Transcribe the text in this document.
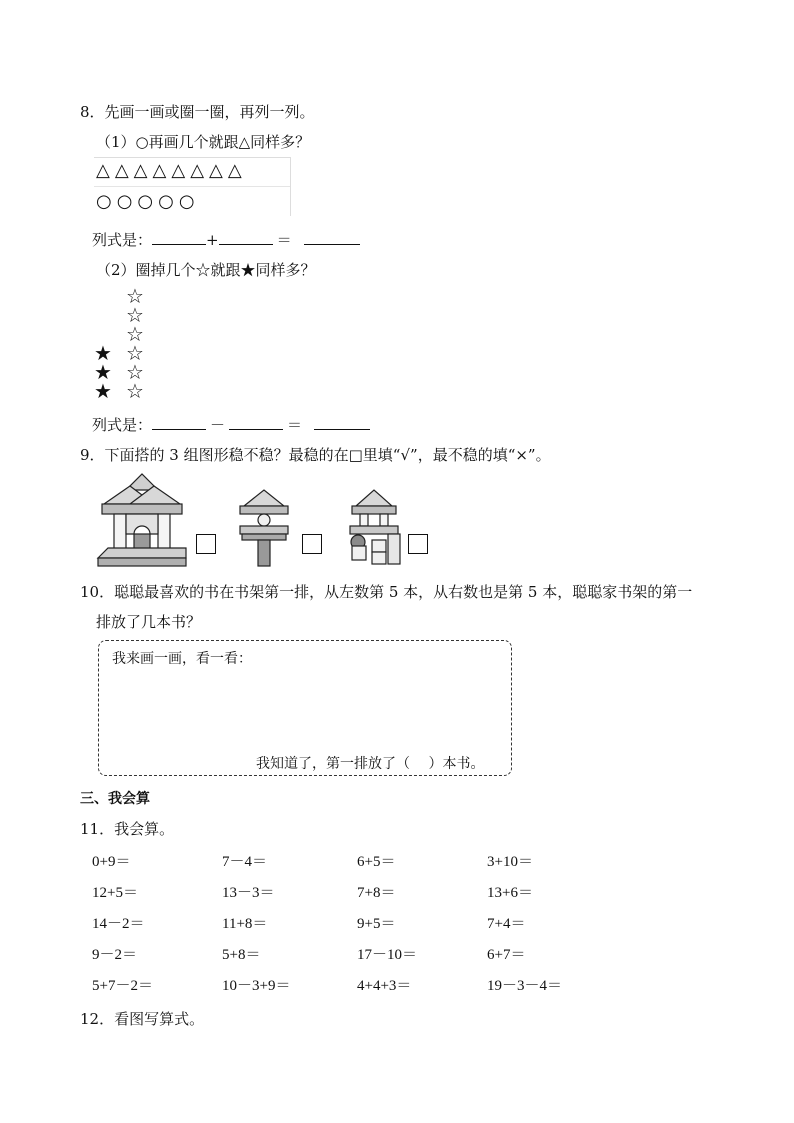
8．先画一画或圈一圈，再列一列。
（1）○再画几个就跟△同样多？
△△△△△△△△
○○○○○
列式是：	+	＝
（2）圈掉几个☆就跟★同样多？
☆
☆
☆
★ ☆
★ ☆
★ ☆
列式是：	－	＝
9．下面搭的 3 组图形稳不稳？最稳的在□里填“√”，最不稳的填“×”。
10．聪聪最喜欢的书在书架第一排，从左数第 5 本，从右数也是第 5 本，聪聪家书架的第一
排放了几本书？
我来画一画，看一看：
我知道了，第一排放了（　 ）本书。
三、我会算
11．我会算。
0+9＝	7－4＝	6+5＝	3+10＝
12+5＝	13－3＝	7+8＝	13+6＝
14－2＝	11+8＝	9+5＝	7+4＝
9－2＝	5+8＝	17－10＝	6+7＝
5+7－2＝	10－3+9＝	4+4+3＝	19－3－4＝
12．看图写算式。
